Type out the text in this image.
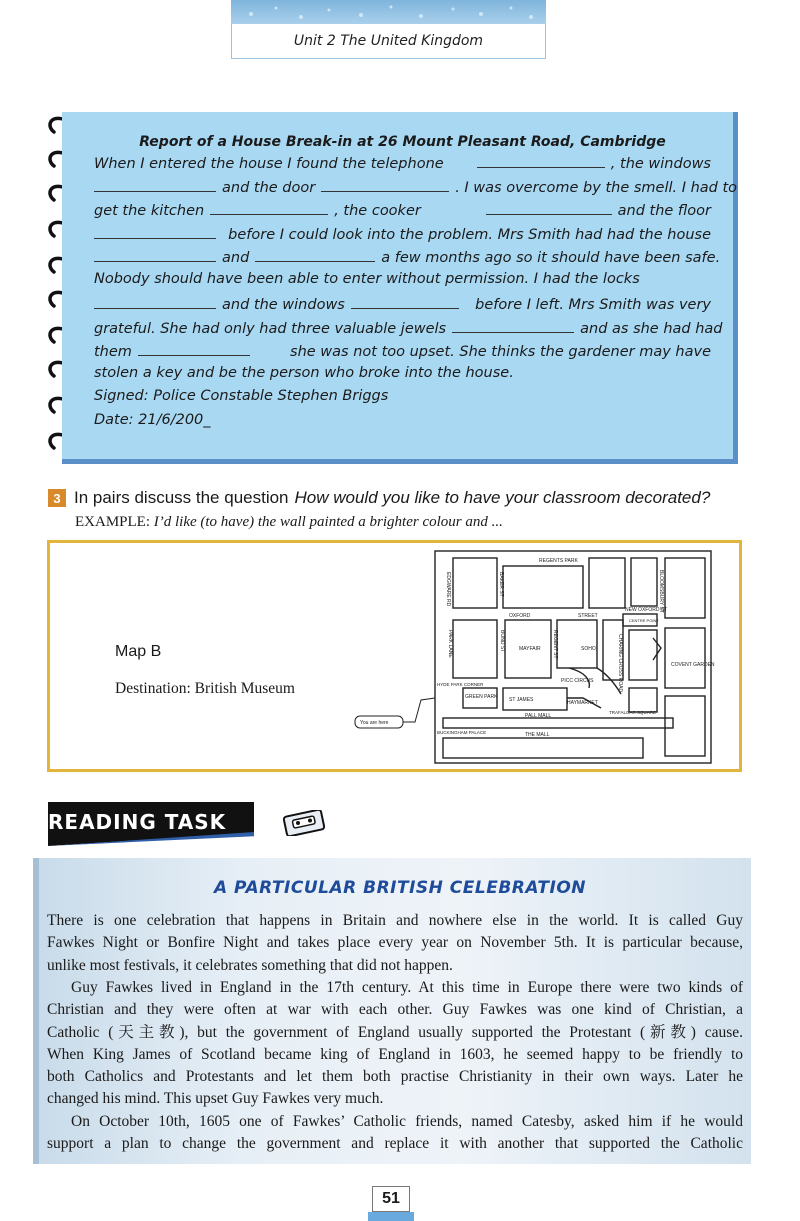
Unit 2 The United Kingdom
Report of a House Break-in at 26 Mount Pleasant Road, Cambridge
When I entered the house I found the telephone	, the windows
and the door	. I was overcome by the smell. I had to
get the kitchen	, the cooker	and the floor
before I could look into the problem. Mrs Smith had had the house
and	a few months ago so it should have been safe.
Nobody should have been able to enter without permission. I had the locks
and the windows	before I left. Mrs Smith was very
grateful. She had only had three valuable jewels	and as she had had
them	she was not too upset. She thinks the gardener may have
stolen a key and be the person who broke into the house.
Signed: Police Constable Stephen Briggs
Date: 21/6/200_
3 In pairs discuss the question How would you like to have your classroom decorated?
EXAMPLE: I’d like (to have) the wall painted a brighter colour and ...
Map B
Destination: British Museum
REGENTS PARK
EDGWARE RD	BAKER ST	BLOOMSBURY ST
OXFORD	STREET
NEW OXFORD ST
CENTRE POINT
PARK LANE	BOND ST	MAYFAIR REGENT ST	SOHO	CHARING CROSS ROAD	COVENT GARDEN
PICC CIRCUS
HYDE PARK CORNER
GREEN PARK ST JAMES	HAYMARKET
PALL MALL
TRAFALGAR SQUARE
BUCKINGHAM PALACE	THE MALL
You are here
READING TASK
A PARTICULAR BRITISH CELEBRATION
There is one celebration that happens in Britain and nowhere else in the world. It is called Guy
Fawkes Night or Bonfire Night and takes place every year on November 5th. It is particular because,
unlike most festivals, it celebrates something that did not happen.
Guy Fawkes lived in England in the 17th century. At this time in Europe there were two kinds of
Christian and they were often at war with each other. Guy Fawkes was one kind of Christian, a
Catholic (天主教), but the government of England usually supported the Protestant (新教) cause.
When King James of Scotland became king of England in 1603, he seemed happy to be friendly to
both Catholics and Protestants and let them both practise Christianity in their own ways. Later he
changed his mind. This upset Guy Fawkes very much.
On October 10th, 1605 one of Fawkes’ Catholic friends, named Catesby, asked him if he would
support a plan to change the government and replace it with another that supported the Catholic
51
